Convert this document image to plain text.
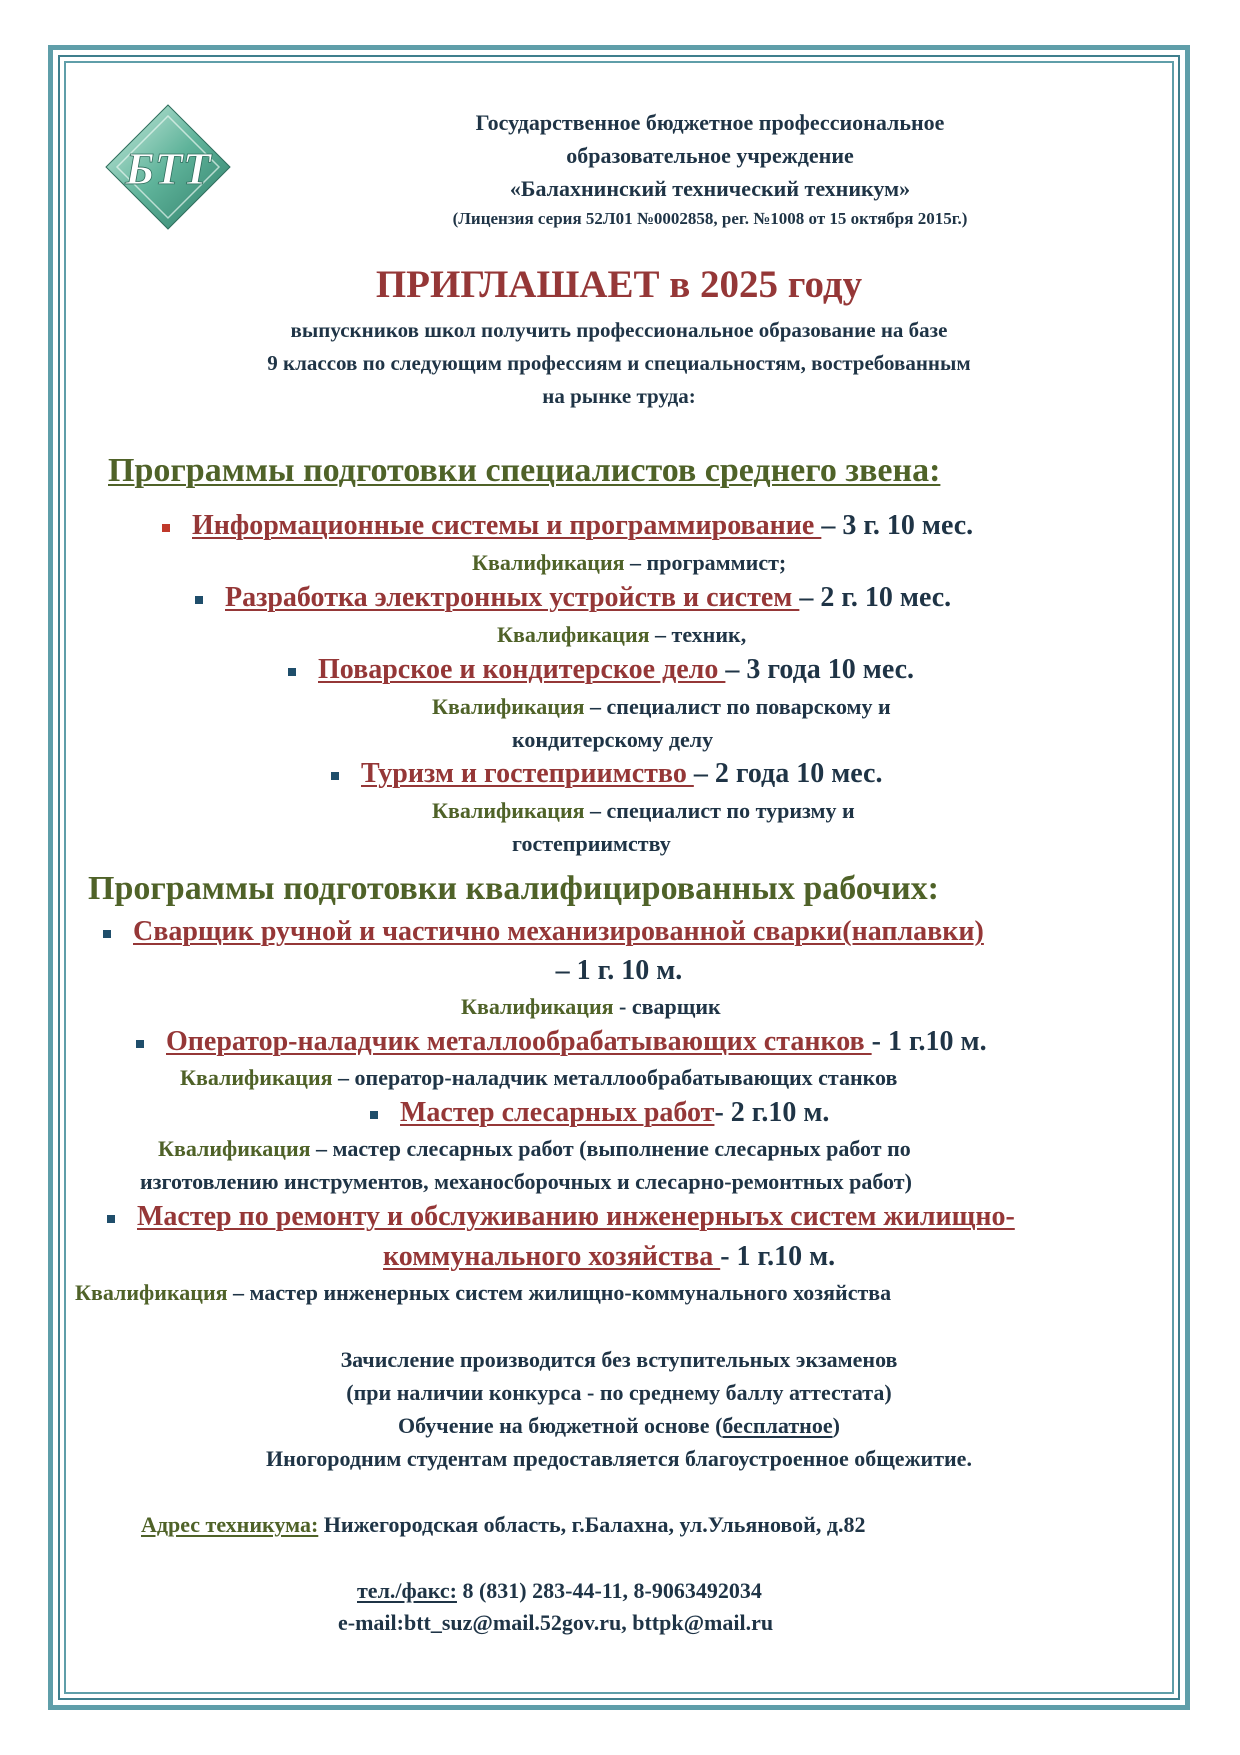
БТТ
Государственное бюджетное профессиональное
образовательное учреждение
«Балахнинский технический техникум»
(Лицензия серия 52Л01 №0002858, рег. №1008 от 15 октября 2015г.)
ПРИГЛАШАЕТ в 2025 году
выпускников школ получить профессиональное образование на базе
9 классов по следующим профессиям и специальностям, востребованным
на рынке труда:
Программы подготовки специалистов среднего звена:
Информационные системы и программирование – 3 г. 10 мес.
Квалификация – программист;
Разработка электронных устройств и систем – 2 г. 10 мес.
Квалификация – техник,
Поварское и кондитерское дело – 3 года 10 мес.
Квалификация – специалист по поварскому и
кондитерскому делу
Туризм и гостеприимство – 2 года 10 мес.
Квалификация – специалист по туризму и
гостеприимству
Программы подготовки квалифицированных рабочих:
Сварщик ручной и частично механизированной сварки(наплавки)
– 1 г. 10 м.
Квалификация - сварщик
Оператор-наладчик металлообрабатывающих станков - 1 г.10 м.
Квалификация – оператор-наладчик металлообрабатывающих станков
Мастер слесарных работ- 2 г.10 м.
Квалификация – мастер слесарных работ (выполнение слесарных работ по
изготовлению инструментов, механосборочных и слесарно-ремонтных работ)
Мастер по ремонту и обслуживанию инженерныъх систем жилищно-
коммунального хозяйства - 1 г.10 м.
Квалификация – мастер инженерных систем жилищно-коммунального хозяйства
Зачисление производится без вступительных экзаменов
(при наличии конкурса - по среднему баллу аттестата)
Обучение на бюджетной основе (бесплатное)
Иногородним студентам предоставляется благоустроенное общежитие.
Адрес техникума: Нижегородская область, г.Балахна, ул.Ульяновой, д.82
тел./факс: 8 (831) 283-44-11, 8-9063492034
e-mail:btt_suz@mail.52gov.ru, bttpk@mail.ru
